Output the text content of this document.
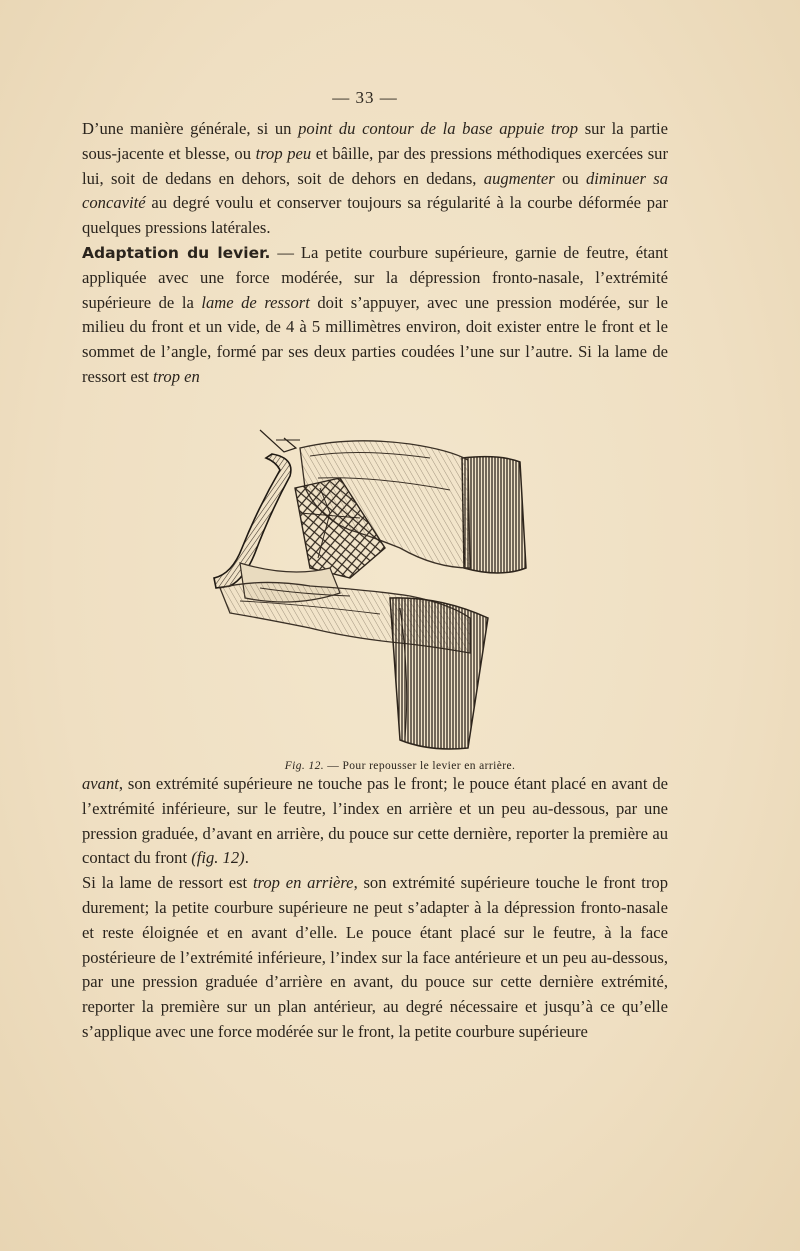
— 33 —

D’une manière générale, si un point du contour de la base appuie trop sur la partie sous-jacente et blesse, ou trop peu et bâille, par des pressions méthodiques exercées sur lui, soit de dedans en dehors, soit de dehors en dedans, augmenter ou diminuer sa concavité au degré voulu et conserver toujours sa régularité à la courbe déformée par quelques pressions latérales.

Adaptation du levier. — La petite courbure supérieure, garnie de feutre, étant appliquée avec une force modérée, sur la dépression fronto-nasale, l’extrémité supérieure de la lame de ressort doit s’appuyer, avec une pression modérée, sur le milieu du front et un vide, de 4 à 5 millimètres environ, doit exister entre le front et le sommet de l’angle, formé par ses deux parties coudées l’une sur l’autre. Si la lame de ressort est trop en

Fig. 12. — Pour repousser le levier en arrière.

avant, son extrémité supérieure ne touche pas le front; le pouce étant placé en avant de l’extrémité inférieure, sur le feutre, l’index en arrière et un peu au-dessous, par une pression graduée, d’avant en arrière, du pouce sur cette dernière, reporter la première au contact du front (fig. 12).

Si la lame de ressort est trop en arrière, son extrémité supérieure touche le front trop durement; la petite courbure supérieure ne peut s’adapter à la dépression fronto-nasale et reste éloignée et en avant d’elle. Le pouce étant placé sur le feutre, à la face postérieure de l’extrémité inférieure, l’index sur la face antérieure et un peu au-dessous, par une pression graduée d’arrière en avant, du pouce sur cette dernière extrémité, reporter la première sur un plan antérieur, au degré nécessaire et jusqu’à ce qu’elle s’applique avec une force modérée sur le front, la petite courbure supérieure
